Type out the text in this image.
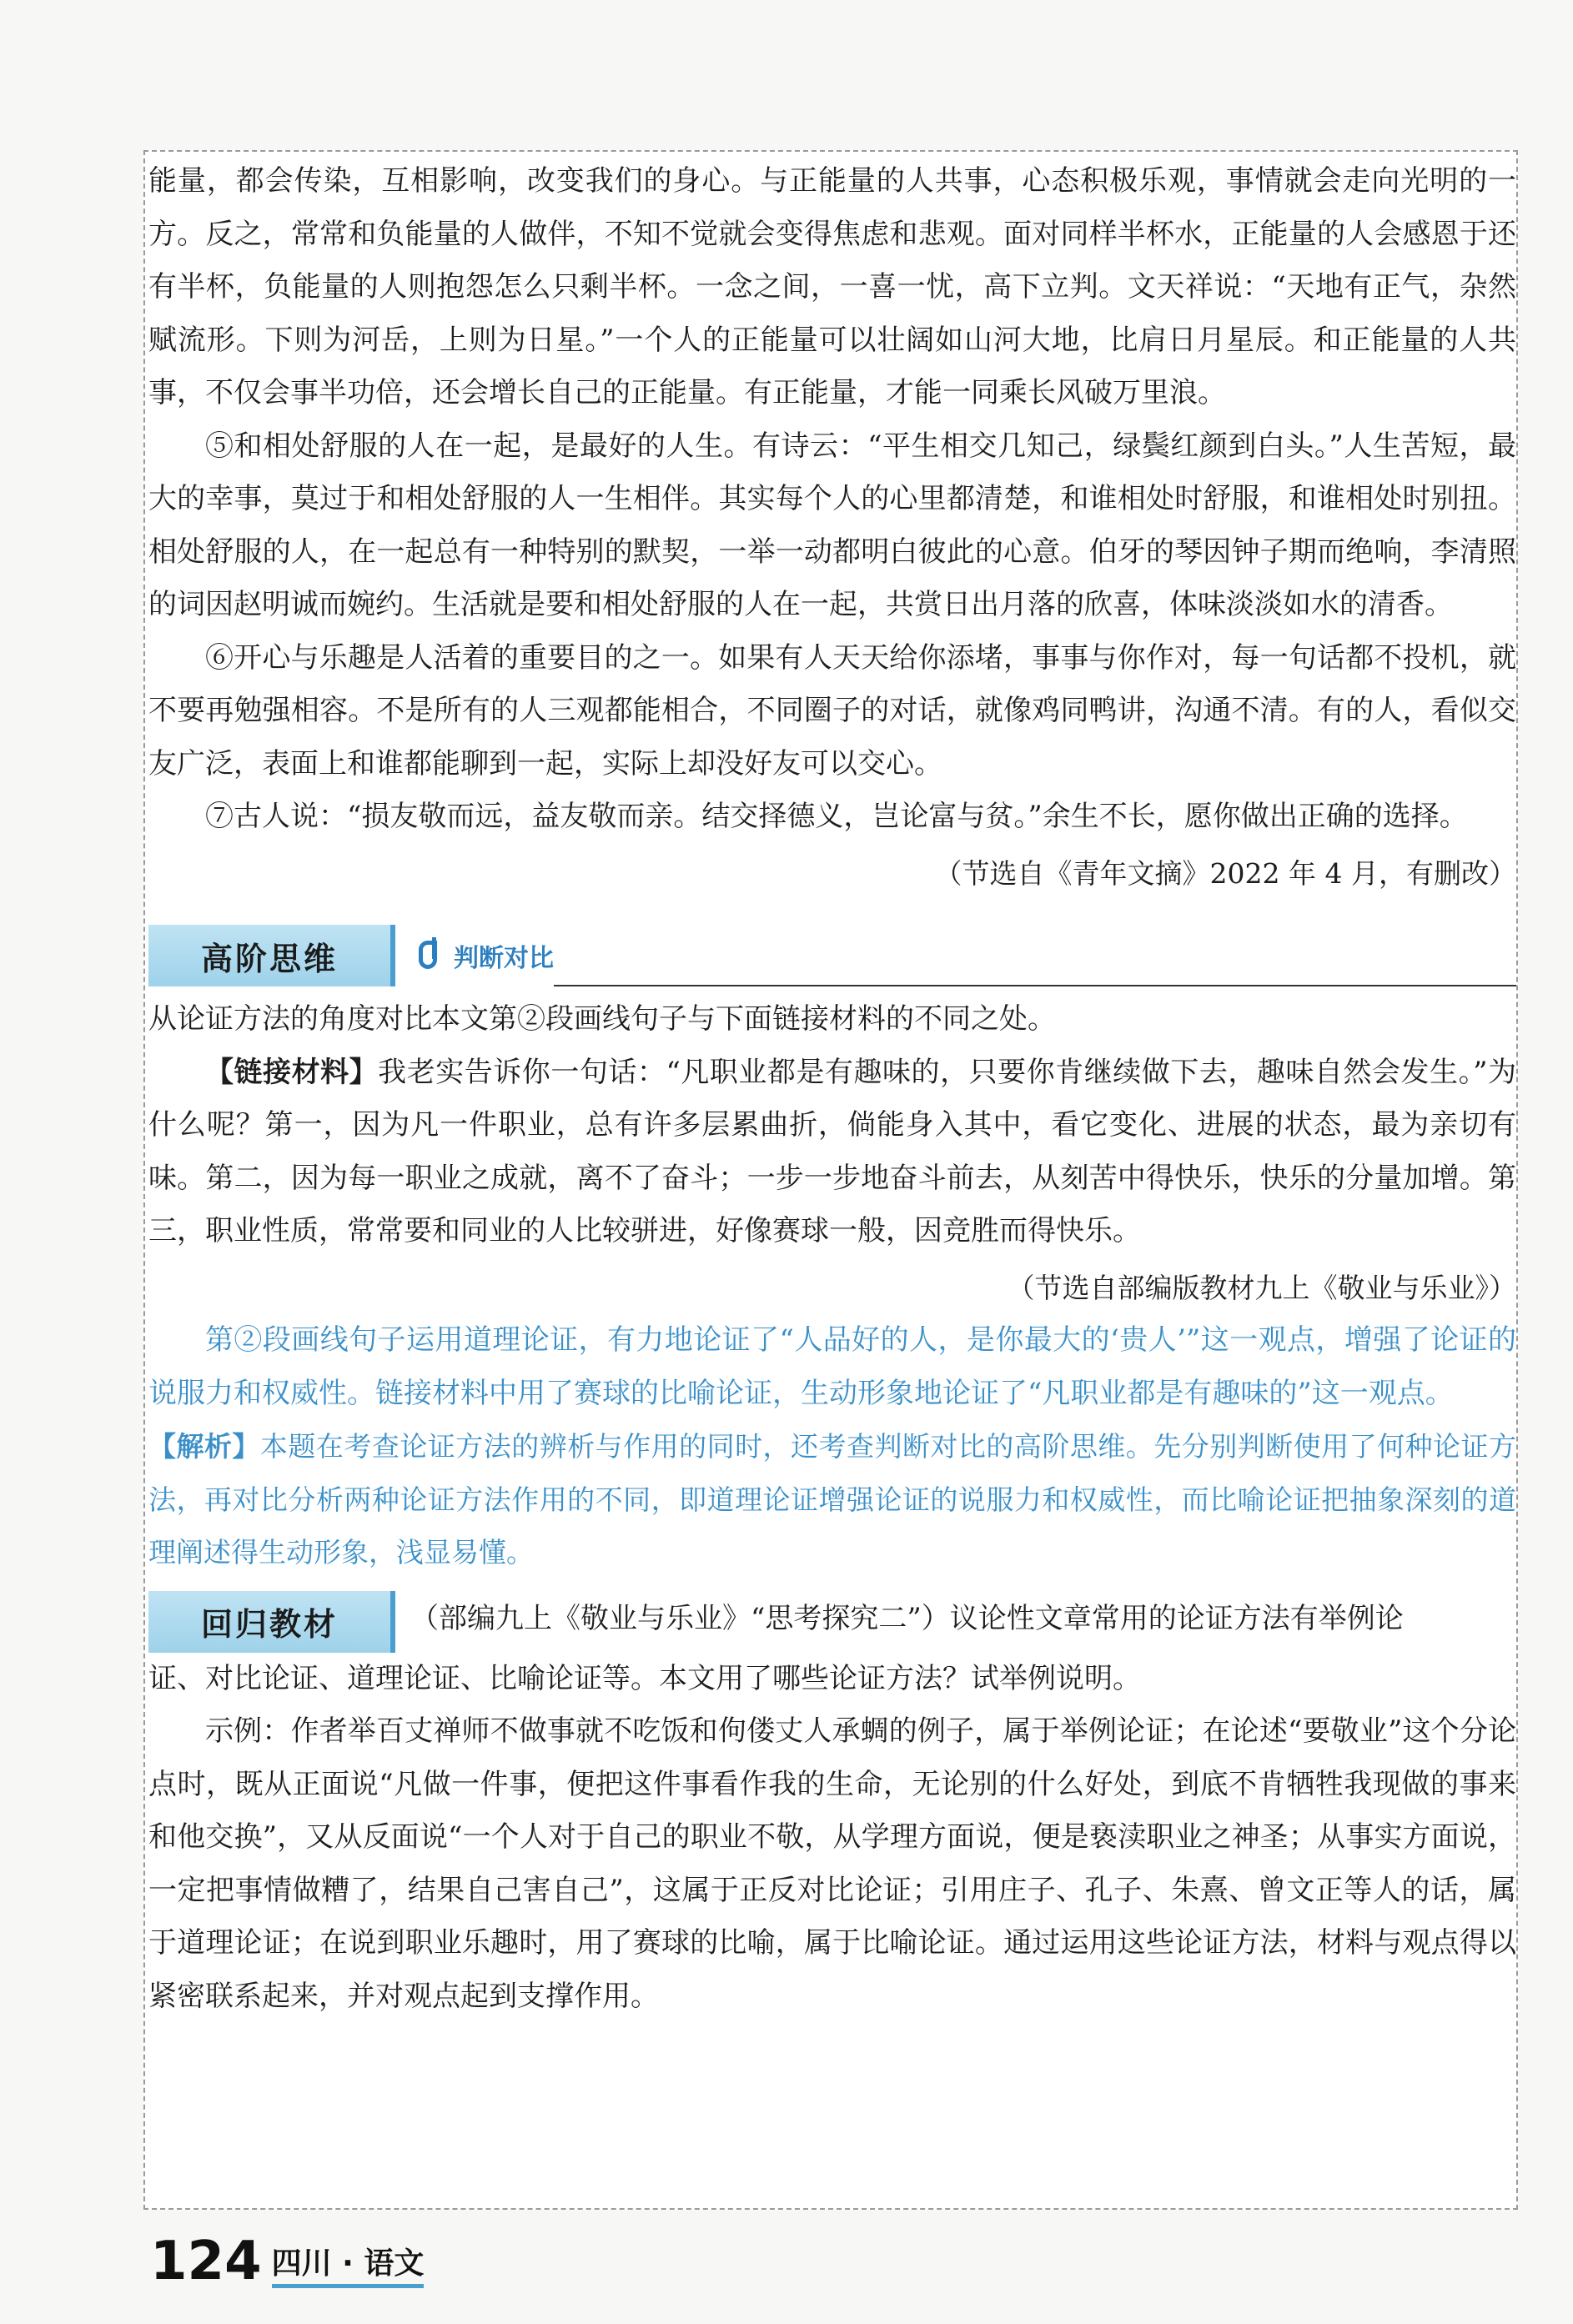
能量，都会传染，互相影响，改变我们的身心。与正能量的人共事，心态积极乐观，事情就会走向光明的一方。反之，常常和负能量的人做伴，不知不觉就会变得焦虑和悲观。面对同样半杯水，正能量的人会感恩于还有半杯，负能量的人则抱怨怎么只剩半杯。一念之间，一喜一忧，高下立判。文天祥说：“天地有正气，杂然赋流形。下则为河岳，上则为日星。”一个人的正能量可以壮阔如山河大地，比肩日月星辰。和正能量的人共事，不仅会事半功倍，还会增长自己的正能量。有正能量，才能一同乘长风破万里浪。

⑤和相处舒服的人在一起，是最好的人生。有诗云：“平生相交几知己，绿鬓红颜到白头。”人生苦短，最大的幸事，莫过于和相处舒服的人一生相伴。其实每个人的心里都清楚，和谁相处时舒服，和谁相处时别扭。相处舒服的人，在一起总有一种特别的默契，一举一动都明白彼此的心意。伯牙的琴因钟子期而绝响，李清照的词因赵明诚而婉约。生活就是要和相处舒服的人在一起，共赏日出月落的欣喜，体味淡淡如水的清香。

⑥开心与乐趣是人活着的重要目的之一。如果有人天天给你添堵，事事与你作对，每一句话都不投机，就不要再勉强相容。不是所有的人三观都能相合，不同圈子的对话，就像鸡同鸭讲，沟通不清。有的人，看似交友广泛，表面上和谁都能聊到一起，实际上却没好友可以交心。

⑦古人说：“损友敬而远，益友敬而亲。结交择德义，岂论富与贫。”余生不长，愿你做出正确的选择。

（节选自《青年文摘》2022 年 4 月，有删改）

高阶思维	判断对比

从论证方法的角度对比本文第②段画线句子与下面链接材料的不同之处。

【链接材料】我老实告诉你一句话：“凡职业都是有趣味的，只要你肯继续做下去，趣味自然会发生。”为什么呢？第一，因为凡一件职业，总有许多层累曲折，倘能身入其中，看它变化、进展的状态，最为亲切有味。第二，因为每一职业之成就，离不了奋斗；一步一步地奋斗前去，从刻苦中得快乐，快乐的分量加增。第三，职业性质，常常要和同业的人比较骈进，好像赛球一般，因竞胜而得快乐。

（节选自部编版教材九上《敬业与乐业》）

第②段画线句子运用道理论证，有力地论证了“人品好的人，是你最大的‘贵人’”这一观点，增强了论证的说服力和权威性。链接材料中用了赛球的比喻论证，生动形象地论证了“凡职业都是有趣味的”这一观点。

【解析】本题在考查论证方法的辨析与作用的同时，还考查判断对比的高阶思维。先分别判断使用了何种论证方法，再对比分析两种论证方法作用的不同，即道理论证增强论证的说服力和权威性，而比喻论证把抽象深刻的道理阐述得生动形象，浅显易懂。

回归教材	（部编九上《敬业与乐业》“思考探究二”）议论性文章常用的论证方法有举例论

证、对比论证、道理论证、比喻论证等。本文用了哪些论证方法？试举例说明。

示例：作者举百丈禅师不做事就不吃饭和佝偻丈人承蜩的例子，属于举例论证；在论述“要敬业”这个分论点时，既从正面说“凡做一件事，便把这件事看作我的生命，无论别的什么好处，到底不肯牺牲我现做的事来和他交换”，又从反面说“一个人对于自己的职业不敬，从学理方面说，便是亵渎职业之神圣；从事实方面说，一定把事情做糟了，结果自己害自己”，这属于正反对比论证；引用庄子、孔子、朱熹、曾文正等人的话，属于道理论证；在说到职业乐趣时，用了赛球的比喻，属于比喻论证。通过运用这些论证方法，材料与观点得以紧密联系起来，并对观点起到支撑作用。

124 四川 · 语文
